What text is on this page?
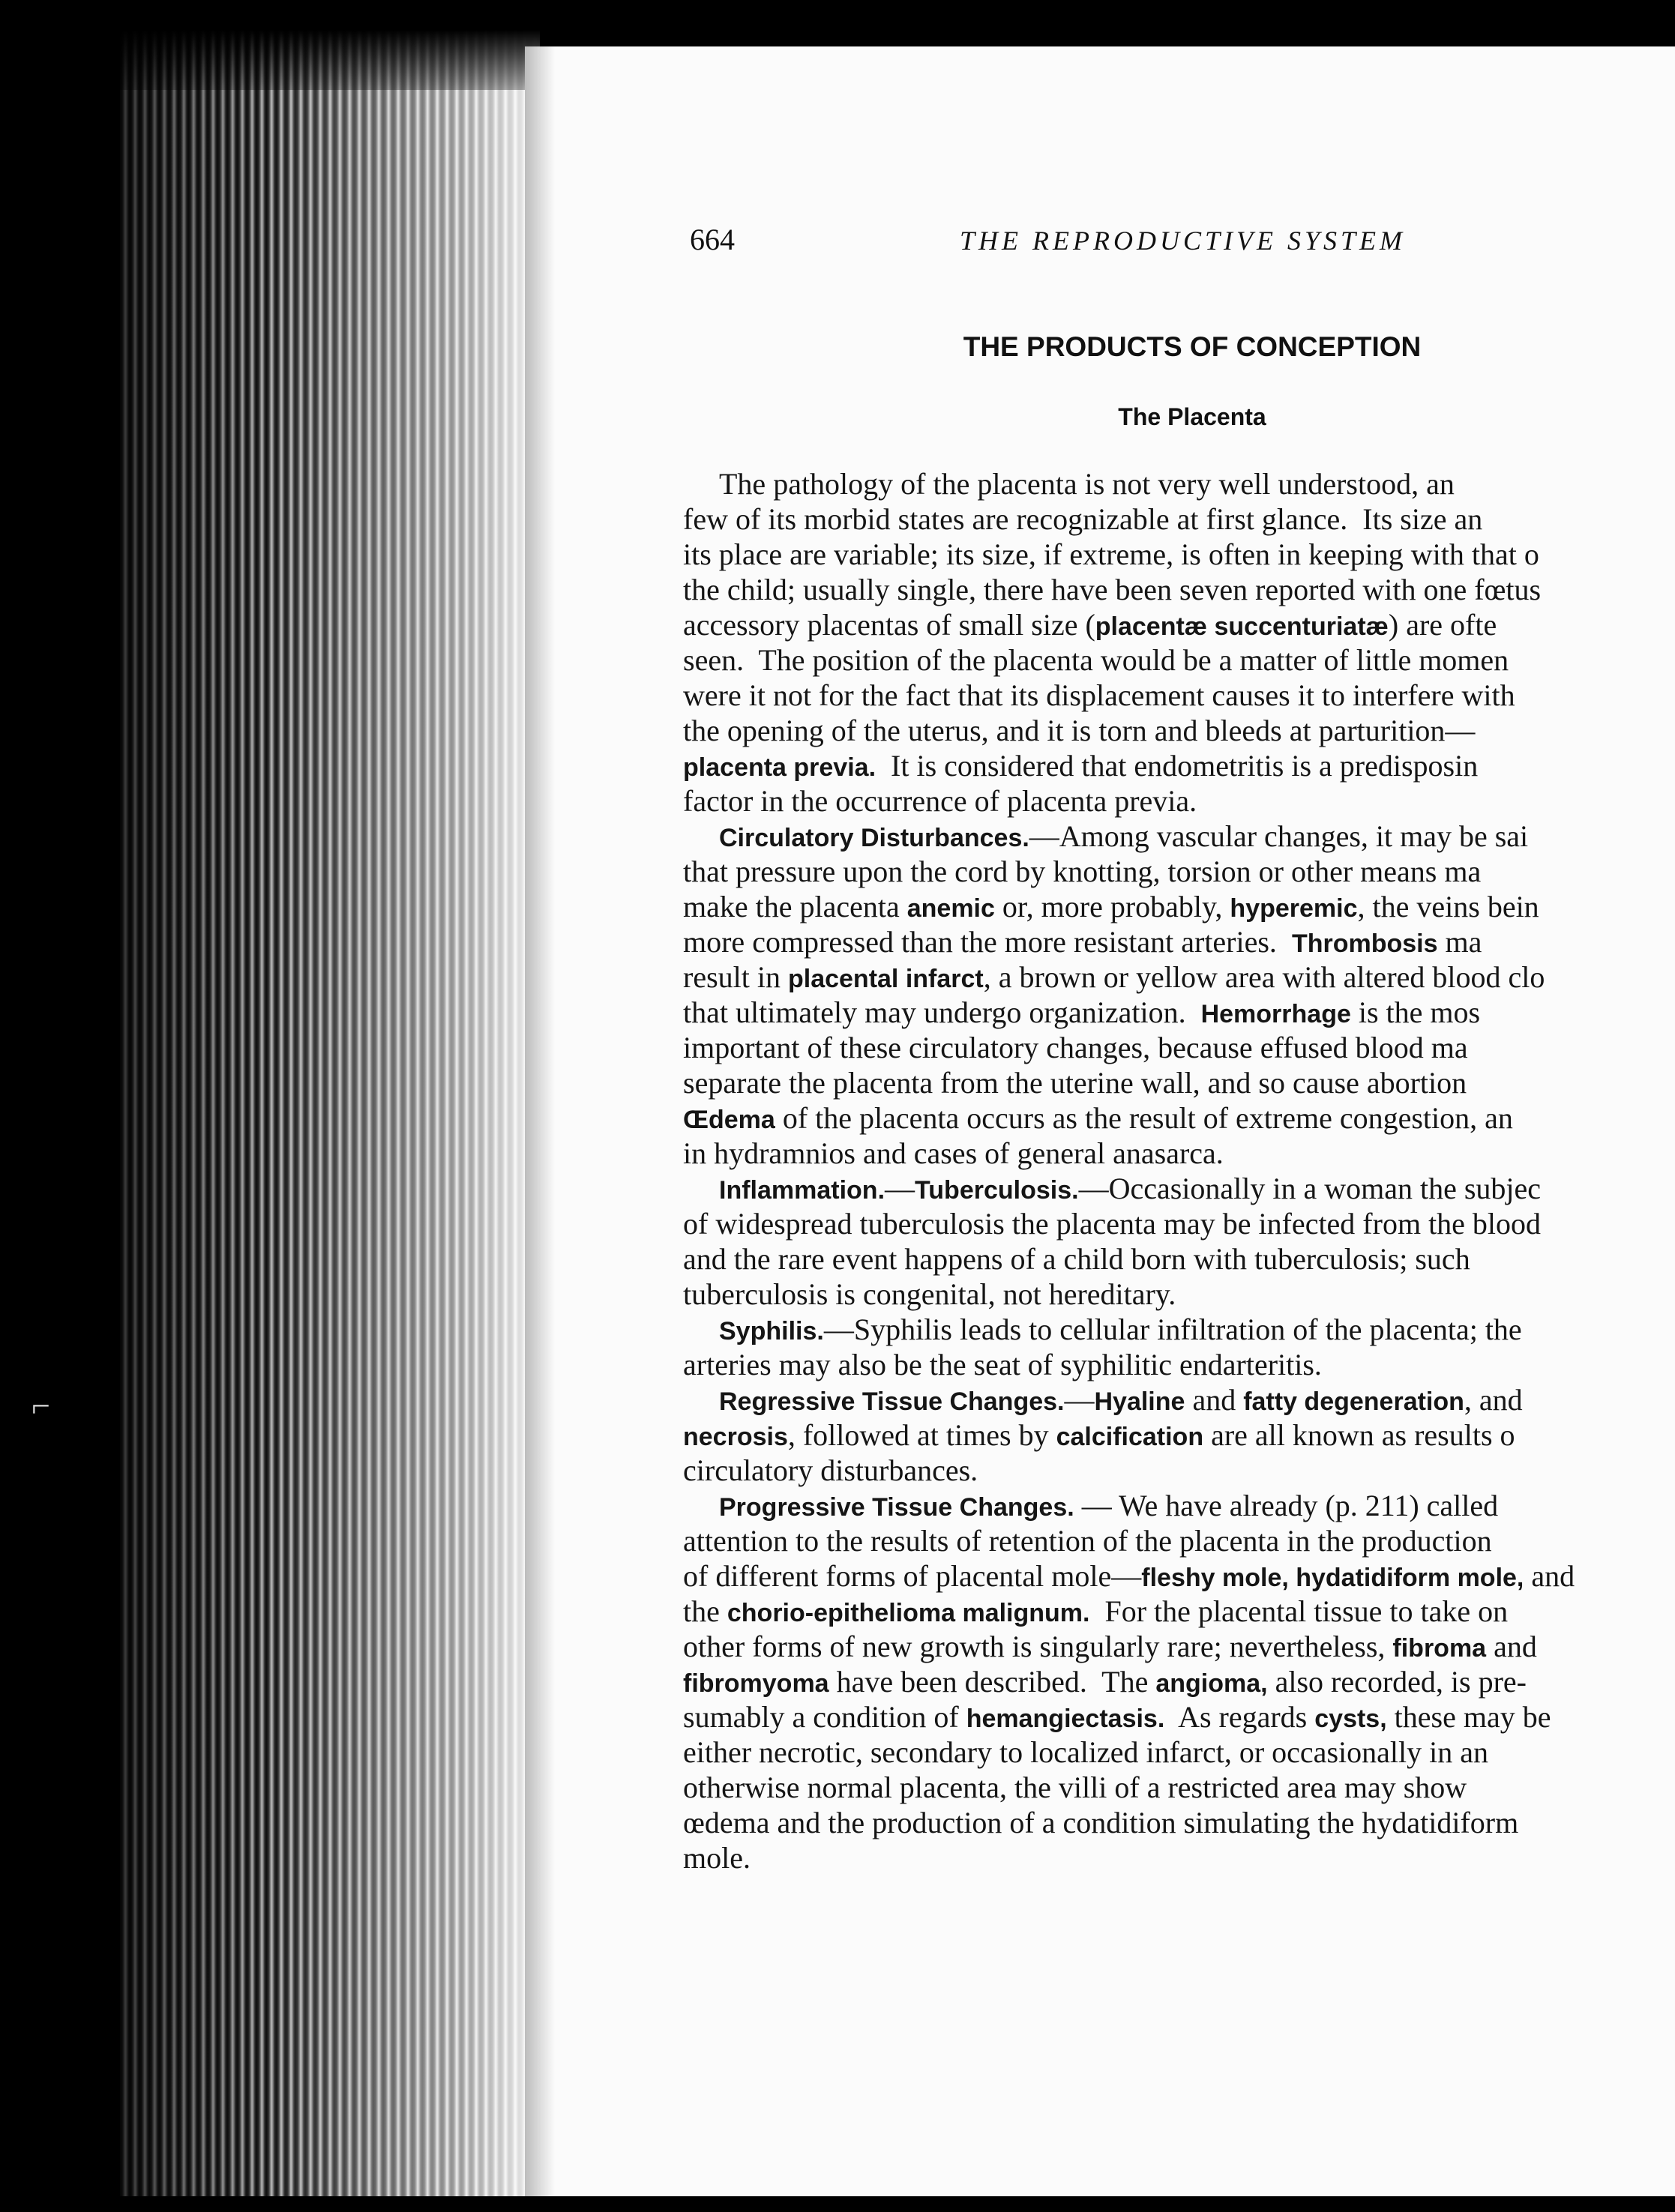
⌐
664	THE REPRODUCTIVE SYSTEM
THE PRODUCTS OF CONCEPTION
The Placenta
The pathology of the placenta is not very well understood, an
few of its morbid states are recognizable at first glance.  Its size an
its place are variable; its size, if extreme, is often in keeping with that o
the child; usually single, there have been seven reported with one fœtus
accessory placentas of small size (placentæ succenturiatæ) are ofte
seen.  The position of the placenta would be a matter of little momen
were it not for the fact that its displacement causes it to interfere with
the opening of the uterus, and it is torn and bleeds at parturition—
placenta previa.  It is considered that endometritis is a predisposin
factor in the occurrence of placenta previa.
Circulatory Disturbances.—Among vascular changes, it may be sai
that pressure upon the cord by knotting, torsion or other means ma
make the placenta anemic or, more probably, hyperemic, the veins bein
more compressed than the more resistant arteries.  Thrombosis ma
result in placental infarct, a brown or yellow area with altered blood clo
that ultimately may undergo organization.  Hemorrhage is the mos
important of these circulatory changes, because effused blood ma
separate the placenta from the uterine wall, and so cause abortion
Œdema of the placenta occurs as the result of extreme congestion, an
in hydramnios and cases of general anasarca.
Inflammation.—Tuberculosis.—Occasionally in a woman the subjec
of widespread tuberculosis the placenta may be infected from the blood
and the rare event happens of a child born with tuberculosis; such
tuberculosis is congenital, not hereditary.
Syphilis.—Syphilis leads to cellular infiltration of the placenta; the
arteries may also be the seat of syphilitic endarteritis.
Regressive Tissue Changes.—Hyaline and fatty degeneration, and
necrosis, followed at times by calcification are all known as results o
circulatory disturbances.
Progressive Tissue Changes. — We have already (p. 211) called
attention to the results of retention of the placenta in the production
of different forms of placental mole—fleshy mole, hydatidiform mole, and
the chorio-epithelioma malignum.  For the placental tissue to take on
other forms of new growth is singularly rare; nevertheless, fibroma and
fibromyoma have been described.  The angioma, also recorded, is pre-
sumably a condition of hemangiectasis.  As regards cysts, these may be
either necrotic, secondary to localized infarct, or occasionally in an
otherwise normal placenta, the villi of a restricted area may show
œdema and the production of a condition simulating the hydatidiform
mole.
